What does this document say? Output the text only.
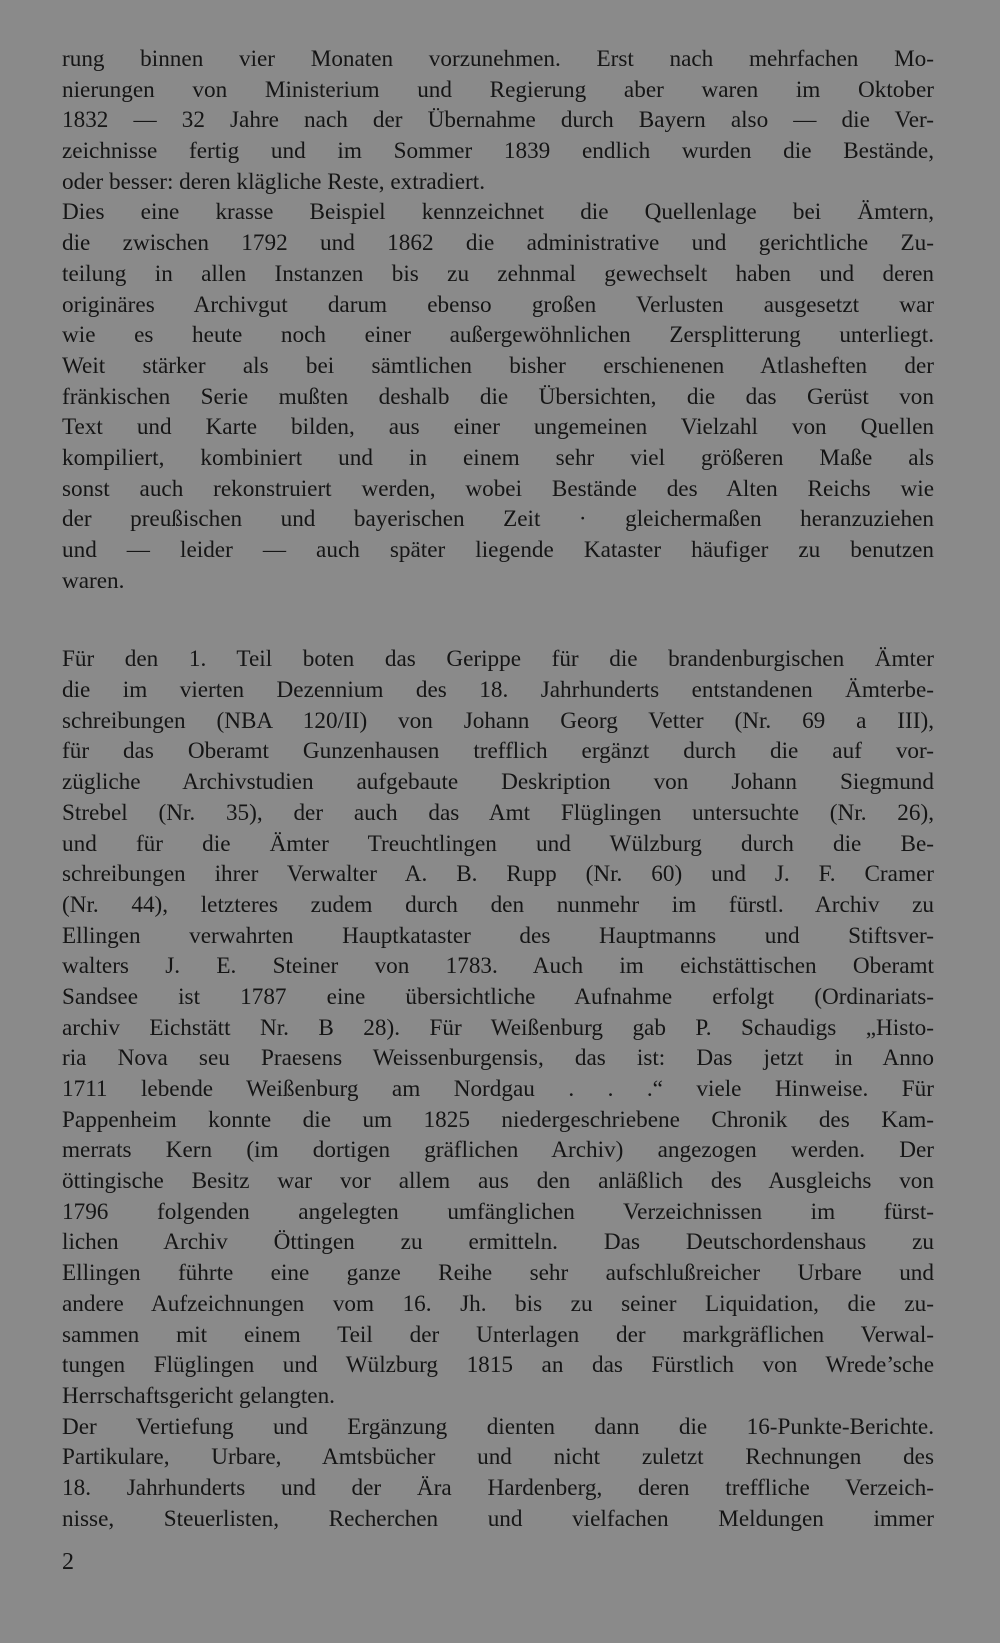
rung binnen vier Monaten vorzunehmen. Erst nach mehrfachen Mo-
nierungen von Ministerium und Regierung aber waren im Oktober
1832 — 32 Jahre nach der Übernahme durch Bayern also — die Ver-
zeichnisse fertig und im Sommer 1839 endlich wurden die Bestände,
oder besser: deren klägliche Reste, extradiert.
Dies eine krasse Beispiel kennzeichnet die Quellenlage bei Ämtern,
die zwischen 1792 und 1862 die administrative und gerichtliche Zu-
teilung in allen Instanzen bis zu zehnmal gewechselt haben und deren
originäres Archivgut darum ebenso großen Verlusten ausgesetzt war
wie es heute noch einer außergewöhnlichen Zersplitterung unterliegt.
Weit stärker als bei sämtlichen bisher erschienenen Atlasheften der
fränkischen Serie mußten deshalb die Übersichten, die das Gerüst von
Text und Karte bilden, aus einer ungemeinen Vielzahl von Quellen
kompiliert, kombiniert und in einem sehr viel größeren Maße als
sonst auch rekonstruiert werden, wobei Bestände des Alten Reichs wie
der preußischen und bayerischen Zeit · gleichermaßen heranzuziehen
und — leider — auch später liegende Kataster häufiger zu benutzen
waren.
Für den 1. Teil boten das Gerippe für die brandenburgischen Ämter
die im vierten Dezennium des 18. Jahrhunderts entstandenen Ämterbe-
schreibungen (NBA 120/II) von Johann Georg Vetter (Nr. 69 a III),
für das Oberamt Gunzenhausen trefflich ergänzt durch die auf vor-
zügliche Archivstudien aufgebaute Deskription von Johann Siegmund
Strebel (Nr. 35), der auch das Amt Flüglingen untersuchte (Nr. 26),
und für die Ämter Treuchtlingen und Wülzburg durch die Be-
schreibungen ihrer Verwalter A. B. Rupp (Nr. 60) und J. F. Cramer
(Nr. 44), letzteres zudem durch den nunmehr im fürstl. Archiv zu
Ellingen verwahrten Hauptkataster des Hauptmanns und Stiftsver-
walters J. E. Steiner von 1783. Auch im eichstättischen Oberamt
Sandsee ist 1787 eine übersichtliche Aufnahme erfolgt (Ordinariats-
archiv Eichstätt Nr. B 28). Für Weißenburg gab P. Schaudigs „Histo-
ria Nova seu Praesens Weissenburgensis, das ist: Das jetzt in Anno
1711 lebende Weißenburg am Nordgau . . .“ viele Hinweise. Für
Pappenheim konnte die um 1825 niedergeschriebene Chronik des Kam-
merrats Kern (im dortigen gräflichen Archiv) angezogen werden. Der
öttingische Besitz war vor allem aus den anläßlich des Ausgleichs von
1796 folgenden angelegten umfänglichen Verzeichnissen im fürst-
lichen Archiv Öttingen zu ermitteln. Das Deutschordenshaus zu
Ellingen führte eine ganze Reihe sehr aufschlußreicher Urbare und
andere Aufzeichnungen vom 16. Jh. bis zu seiner Liquidation, die zu-
sammen mit einem Teil der Unterlagen der markgräflichen Verwal-
tungen Flüglingen und Wülzburg 1815 an das Fürstlich von Wrede’sche
Herrschaftsgericht gelangten.
Der Vertiefung und Ergänzung dienten dann die 16-Punkte-Berichte.
Partikulare, Urbare, Amtsbücher und nicht zuletzt Rechnungen des
18. Jahrhunderts und der Ära Hardenberg, deren treffliche Verzeich-
nisse, Steuerlisten, Recherchen und vielfachen Meldungen immer
2
